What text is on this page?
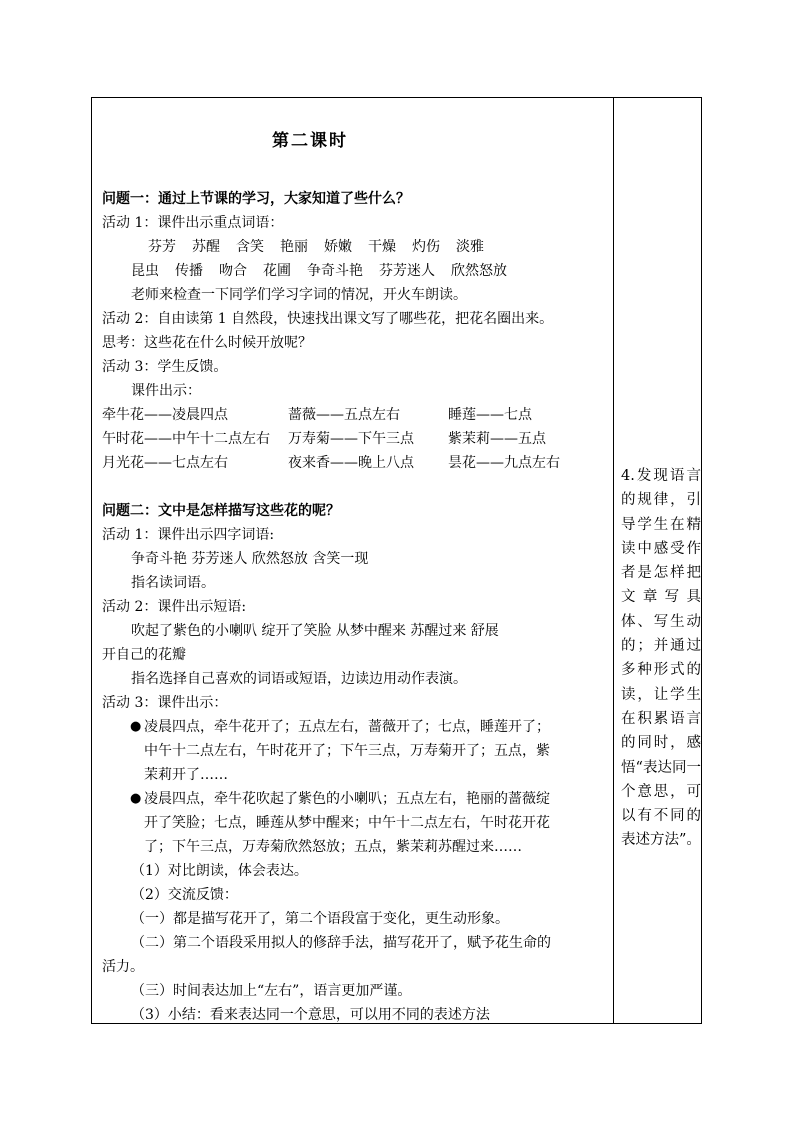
第二课时
问题一：通过上节课的学习，大家知道了些什么？
活动 1：课件出示重点词语：
芬芳 苏醒 含笑 艳丽 娇嫩 干燥 灼伤 淡雅
昆虫 传播 吻合 花圃 争奇斗艳 芬芳迷人 欣然怒放
老师来检查一下同学们学习字词的情况，开火车朗读。
活动 2：自由读第 1 自然段，快速找出课文写了哪些花，把花名圈出来。
思考：这些花在什么时候开放呢？
活动 3：学生反馈。
课件出示：
牵牛花——凌晨四点	蔷薇——五点左右	睡莲——七点
午时花——中午十二点左右	万寿菊——下午三点	紫茉莉——五点
月光花——七点左右	夜来香——晚上八点	昙花——九点左右
问题二：文中是怎样描写这些花的呢？
活动 1：课件出示四字词语:
争奇斗艳 芬芳迷人 欣然怒放 含笑一现
指名读词语。
活动 2：课件出示短语:
吹起了紫色的小喇叭 绽开了笑脸 从梦中醒来 苏醒过来 舒展
开自己的花瓣
指名选择自己喜欢的词语或短语，边读边用动作表演。
活动 3：课件出示：
● 凌晨四点，牵牛花开了；五点左右，蔷薇开了；七点，睡莲开了；
中午十二点左右，午时花开了；下午三点，万寿菊开了；五点，紫
茉莉开了……
● 凌晨四点，牵牛花吹起了紫色的小喇叭；五点左右，艳丽的蔷薇绽
开了笑脸；七点，睡莲从梦中醒来；中午十二点左右，午时花开花
了；下午三点，万寿菊欣然怒放；五点，紫茉莉苏醒过来……
（1）对比朗读，体会表达。
（2）交流反馈：
（一）都是描写花开了，第二个语段富于变化，更生动形象。
（二）第二个语段采用拟人的修辞手法，描写花开了，赋予花生命的
活力。
（三）时间表达加上“左右”，语言更加严谨。
（3）小结：看来表达同一个意思，可以用不同的表述方法
4.发现语言的规律，引导学生在精读中感受作者是怎样把文章写具体、写生动的；并通过多种形式的读，让学生在积累语言的同时，感悟“表达同一个意思，可以有不同的表述方法”。
